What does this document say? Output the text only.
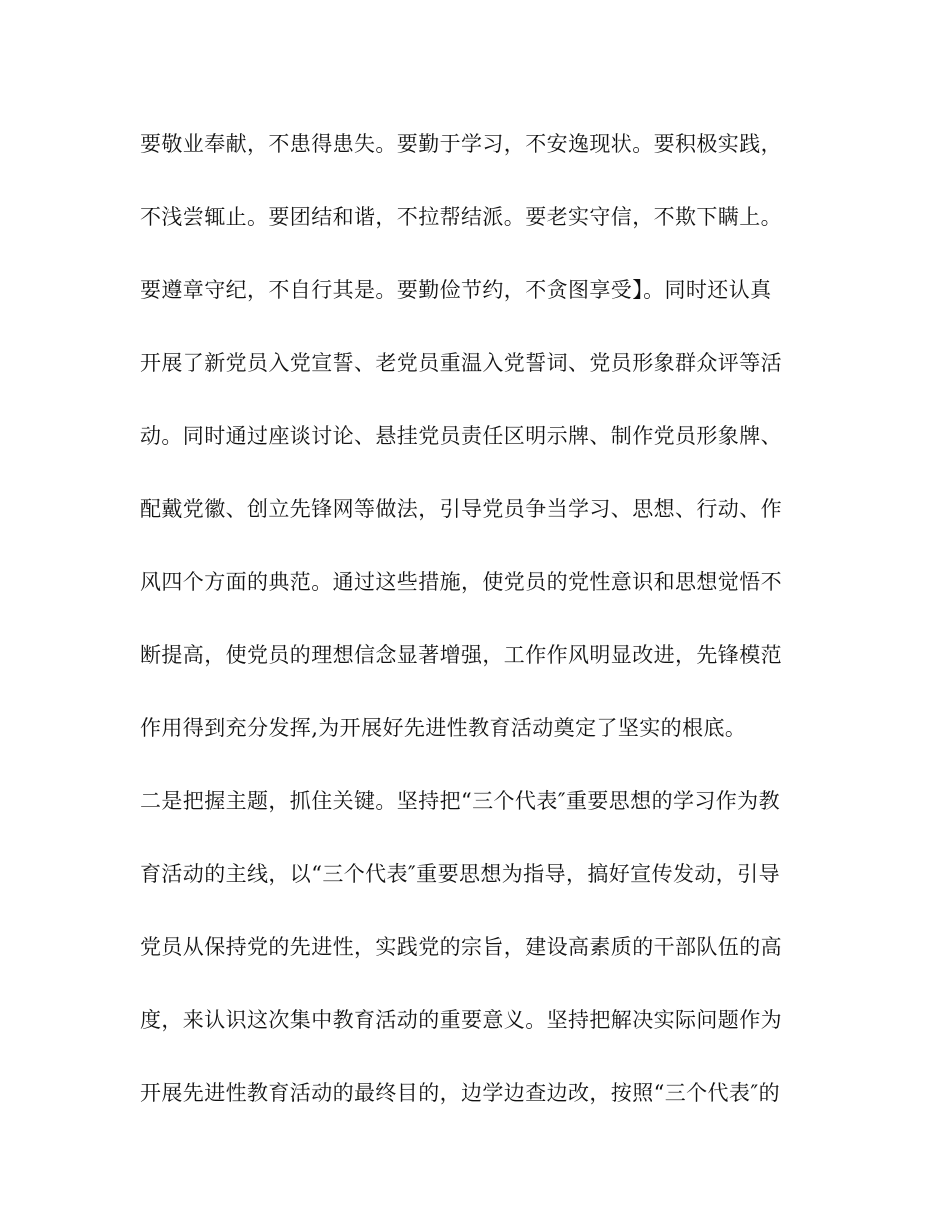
要敬业奉献，不患得患失。要勤于学习，不安逸现状。要积极实践，
不浅尝辄止。要团结和谐，不拉帮结派。要老实守信，不欺下瞒上。
要遵章守纪，不自行其是。要勤俭节约，不贪图享受】。同时还认真
开展了新党员入党宣誓、老党员重温入党誓词、党员形象群众评等活
动。同时通过座谈讨论、悬挂党员责任区明示牌、制作党员形象牌、
配戴党徽、创立先锋网等做法，引导党员争当学习、思想、行动、作
风四个方面的典范。通过这些措施，使党员的党性意识和思想觉悟不
断提高，使党员的理想信念显著增强，工作作风明显改进，先锋模范
作用得到充分发挥,为开展好先进性教育活动奠定了坚实的根底。
二是把握主题，抓住关键。坚持把“三个代表″重要思想的学习作为教
育活动的主线，以“三个代表″重要思想为指导，搞好宣传发动，引导
党员从保持党的先进性，实践党的宗旨，建设高素质的干部队伍的高
度，来认识这次集中教育活动的重要意义。坚持把解决实际问题作为
开展先进性教育活动的最终目的，边学边查边改，按照“三个代表″的
